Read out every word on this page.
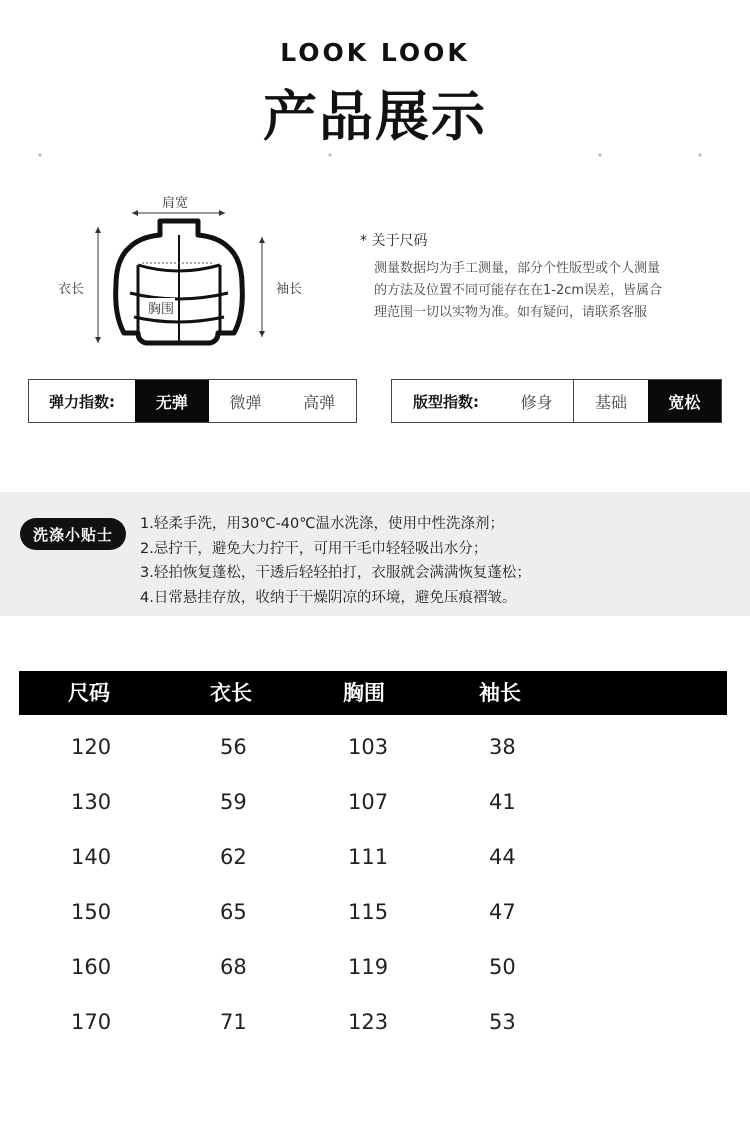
LOOK LOOK
产品展示
肩宽
衣长	袖长
胸围
* 关于尺码
测量数据均为手工测量，部分个性版型或个人测量
的方法及位置不同可能存在在1-2cm误差，皆属合
理范围一切以实物为准。如有疑问，请联系客服
弹力指数:	无弹	微弹	高弹	版型指数:	修身	基础	宽松
洗涤小贴士
1.轻柔手洗，用30℃-40℃温水洗涤，使用中性洗涤剂；
2.忌拧干，避免大力拧干，可用干毛巾轻轻吸出水分；
3.轻拍恢复蓬松，干透后轻轻拍打，衣服就会满满恢复蓬松；
4.日常悬挂存放，收纳于干燥阴凉的环境，避免压痕褶皱。
尺码	衣长	胸围	袖长
120	56	103	38
130	59	107	41
140	62	111	44
150	65	115	47
160	68	119	50
170	71	123	53
